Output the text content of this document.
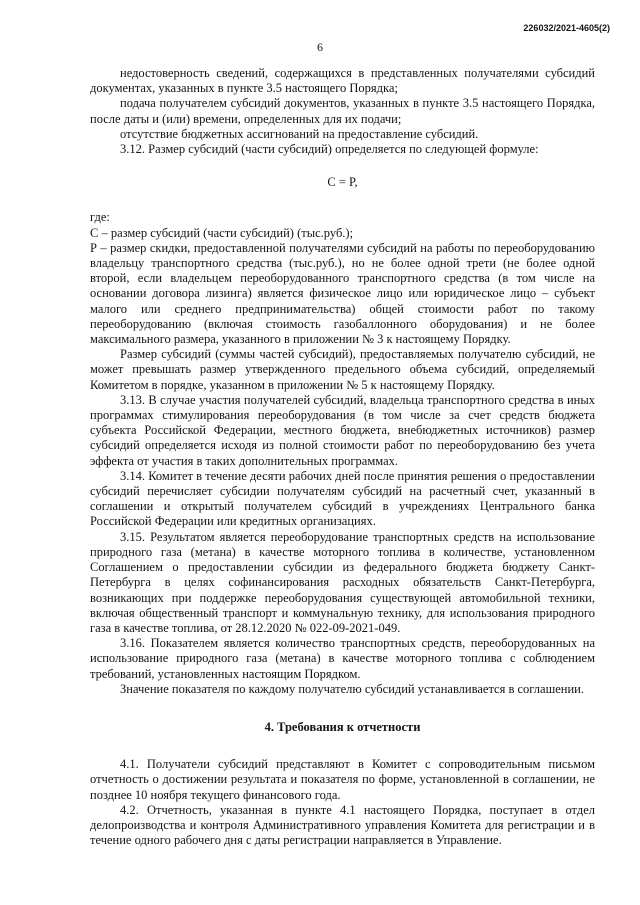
226032/2021-4605(2)
6

недостоверность сведений, содержащихся в представленных получателями субсидий документах, указанных в пункте 3.5 настоящего Порядка;

подача получателем субсидий документов, указанных в пункте 3.5 настоящего Порядка, после даты и (или) времени, определенных для их подачи;

отсутствие бюджетных ассигнований на предоставление субсидий.

3.12. Размер субсидий (части субсидий) определяется по следующей формуле:

С = Р,

где:

С – размер субсидий (части субсидий) (тыс.руб.);

Р – размер скидки, предоставленной получателями субсидий на работы по переоборудованию владельцу транспортного средства (тыс.руб.), но не более одной трети (не более одной второй, если владельцем переоборудованного транспортного средства (в том числе на основании договора лизинга) является физическое лицо или юридическое лицо – субъект малого или среднего предпринимательства) общей стоимости работ по такому переоборудованию (включая стоимость газобаллонного оборудования) и не более максимального размера, указанного в приложении № 3 к настоящему Порядку.

Размер субсидий (суммы частей субсидий), предоставляемых получателю субсидий, не может превышать размер утвержденного предельного объема субсидий, определяемый Комитетом в порядке, указанном в приложении № 5 к настоящему Порядку.

3.13. В случае участия получателей субсидий, владельца транспортного средства в иных программах стимулирования переоборудования (в том числе за счет средств бюджета субъекта Российской Федерации, местного бюджета, внебюджетных источников) размер субсидий определяется исходя из полной стоимости работ по переоборудованию без учета эффекта от участия в таких дополнительных программах.

3.14. Комитет в течение десяти рабочих дней после принятия решения о предоставлении субсидий перечисляет субсидии получателям субсидий на расчетный счет, указанный в соглашении и открытый получателем субсидий в учреждениях Центрального банка Российской Федерации или кредитных организациях.

3.15. Результатом является переоборудование транспортных средств на использование природного газа (метана) в качестве моторного топлива в количестве, установленном Соглашением о предоставлении субсидии из федерального бюджета бюджету Санкт-Петербурга в целях софинансирования расходных обязательств Санкт-Петербурга, возникающих при поддержке переоборудования существующей автомобильной техники, включая общественный транспорт и коммунальную технику, для использования природного газа в качестве топлива, от 28.12.2020 № 022-09-2021-049.

3.16. Показателем является количество транспортных средств, переоборудованных на использование природного газа (метана) в качестве моторного топлива с соблюдением требований, установленных настоящим Порядком.

Значение показателя по каждому получателю субсидий устанавливается в соглашении.

4. Требования к отчетности

4.1. Получатели субсидий представляют в Комитет с сопроводительным письмом отчетность о достижении результата и показателя по форме, установленной в соглашении, не позднее 10 ноября текущего финансового года.

4.2. Отчетность, указанная в пункте 4.1 настоящего Порядка, поступает в отдел делопроизводства и контроля Административного управления Комитета для регистрации и в течение одного рабочего дня с даты регистрации направляется в Управление.
